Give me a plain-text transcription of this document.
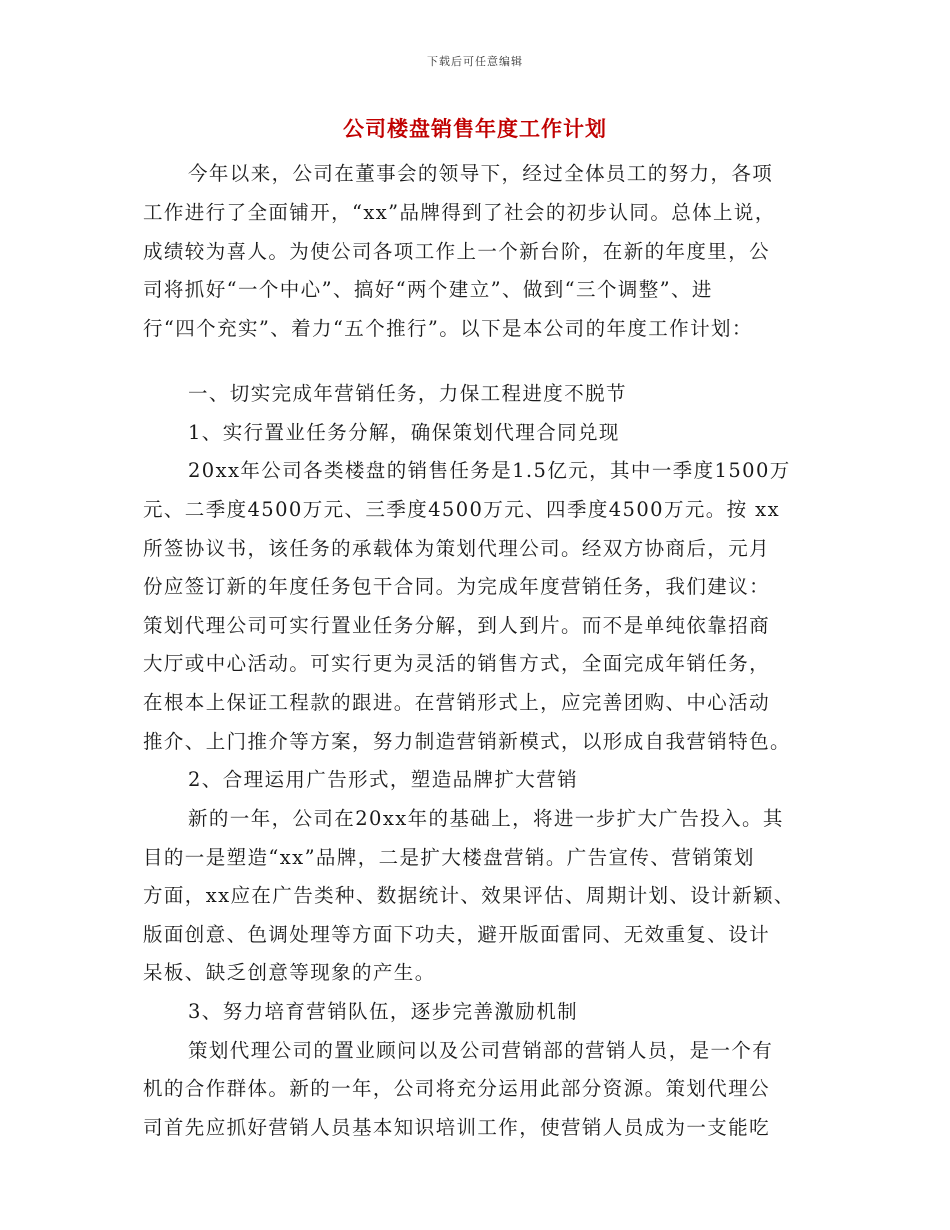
下载后可任意编辑
公司楼盘销售年度工作计划
今年以来，公司在董事会的领导下，经过全体员工的努力，各项
工作进行了全面铺开，“xx”品牌得到了社会的初步认同。总体上说，
成绩较为喜人。为使公司各项工作上一个新台阶，在新的年度里，公
司将抓好“一个中心”、搞好“两个建立”、做到“三个调整”、进
行“四个充实”、着力“五个推行”。以下是本公司的年度工作计划：
一、切实完成年营销任务，力保工程进度不脱节
1、实行置业任务分解，确保策划代理合同兑现
20xx年公司各类楼盘的销售任务是1.5亿元，其中一季度1500万
元、二季度4500万元、三季度4500万元、四季度4500万元。按 xx
所签协议书，该任务的承载体为策划代理公司。经双方协商后，元月
份应签订新的年度任务包干合同。为完成年度营销任务，我们建议：
策划代理公司可实行置业任务分解，到人到片。而不是单纯依靠招商
大厅或中心活动。可实行更为灵活的销售方式，全面完成年销任务，
在根本上保证工程款的跟进。在营销形式上，应完善团购、中心活动
推介、上门推介等方案，努力制造营销新模式，以形成自我营销特色。
2、合理运用广告形式，塑造品牌扩大营销
新的一年，公司在20xx年的基础上，将进一步扩大广告投入。其
目的一是塑造“xx”品牌，二是扩大楼盘营销。广告宣传、营销策划
方面，xx应在广告类种、数据统计、效果评估、周期计划、设计新颖、
版面创意、色调处理等方面下功夫，避开版面雷同、无效重复、设计
呆板、缺乏创意等现象的产生。
3、努力培育营销队伍，逐步完善激励机制
策划代理公司的置业顾问以及公司营销部的营销人员，是一个有
机的合作群体。新的一年，公司将充分运用此部分资源。策划代理公
司首先应抓好营销人员基本知识培训工作，使营销人员成为一支能吃
